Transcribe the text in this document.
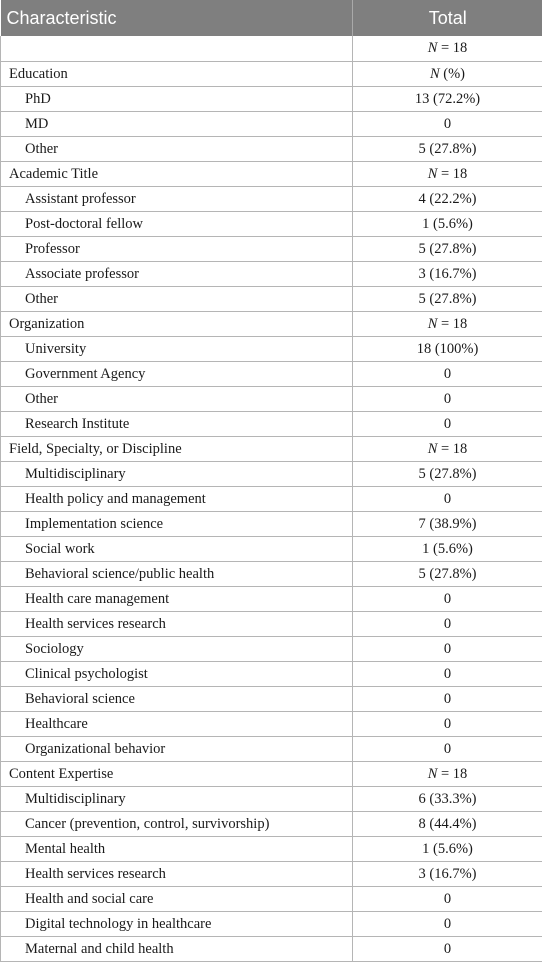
Characteristic	Total
	N = 18
Education	N (%)
PhD	13 (72.2%)
MD	0
Other	5 (27.8%)
Academic Title	N = 18
Assistant professor	4 (22.2%)
Post-doctoral fellow	1 (5.6%)
Professor	5 (27.8%)
Associate professor	3 (16.7%)
Other	5 (27.8%)
Organization	N = 18
University	18 (100%)
Government Agency	0
Other	0
Research Institute	0
Field, Specialty, or Discipline	N = 18
Multidisciplinary	5 (27.8%)
Health policy and management	0
Implementation science	7 (38.9%)
Social work	1 (5.6%)
Behavioral science/public health	5 (27.8%)
Health care management	0
Health services research	0
Sociology	0
Clinical psychologist	0
Behavioral science	0
Healthcare	0
Organizational behavior	0
Content Expertise	N = 18
Multidisciplinary	6 (33.3%)
Cancer (prevention, control, survivorship)	8 (44.4%)
Mental health	1 (5.6%)
Health services research	3 (16.7%)
Health and social care	0
Digital technology in healthcare	0
Maternal and child health	0
